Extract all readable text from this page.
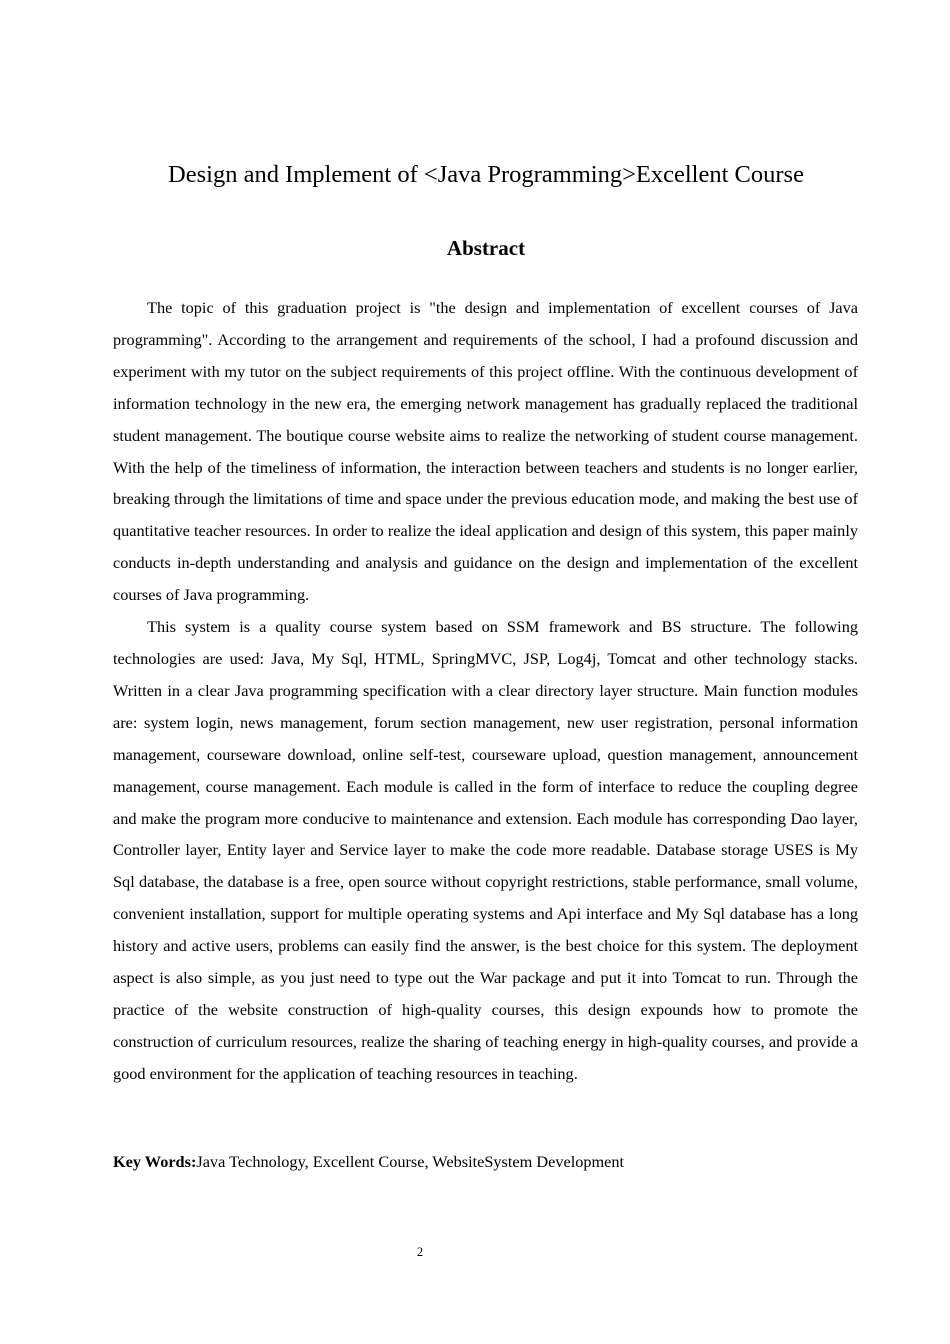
Design and Implement of <Java Programming>Excellent Course
Abstract

The topic of this graduation project is "the design and implementation of excellent courses of Java programming". According to the arrangement and requirements of the school, I had a profound discussion and experiment with my tutor on the subject requirements of this project offline. With the continuous development of information technology in the new era, the emerging network management has gradually replaced the traditional student management. The boutique course website aims to realize the networking of student course management. With the help of the timeliness of information, the interaction between teachers and students is no longer earlier, breaking through the limitations of time and space under the previous education mode, and making the best use of quantitative teacher resources. In order to realize the ideal application and design of this system, this paper mainly conducts in-depth understanding and analysis and guidance on the design and implementation of the excellent courses of Java programming.

This system is a quality course system based on SSM framework and BS structure. The following technologies are used: Java, My Sql, HTML, SpringMVC, JSP, Log4j, Tomcat and other technology stacks. Written in a clear Java programming specification with a clear directory layer structure. Main function modules are: system login, news management, forum section management, new user registration, personal information management, courseware download, online self-test, courseware upload, question management, announcement management, course management. Each module is called in the form of interface to reduce the coupling degree and make the program more conducive to maintenance and extension. Each module has corresponding Dao layer, Controller layer, Entity layer and Service layer to make the code more readable. Database storage USES is My Sql database, the database is a free, open source without copyright restrictions, stable performance, small volume, convenient installation, support for multiple operating systems and Api interface and My Sql database has a long history and active users, problems can easily find the answer, is the best choice for this system. The deployment aspect is also simple, as you just need to type out the War package and put it into Tomcat to run. Through the practice of the website construction of high-quality courses, this design expounds how to promote the construction of curriculum resources, realize the sharing of teaching energy in high-quality courses, and provide a good environment for the application of teaching resources in teaching.

Key Words:Java Technology, Excellent Course, WebsiteSystem Development
2
